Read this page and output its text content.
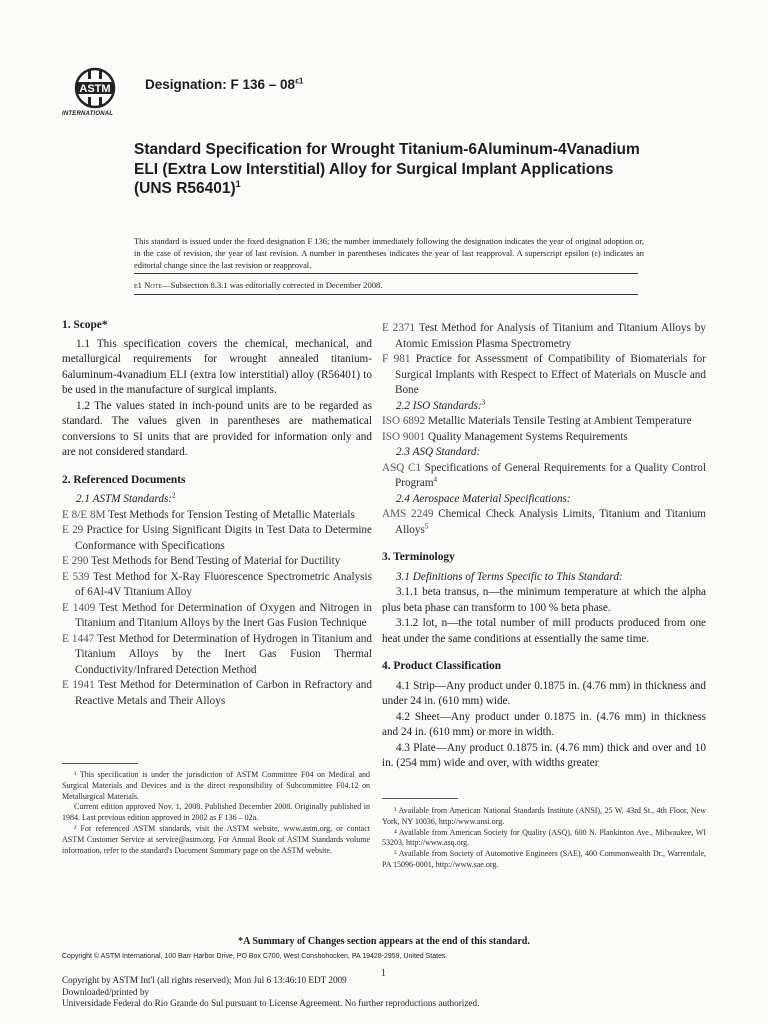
ASTM
INTERNATIONAL
Designation: F $136 - 08^{\varepsilon 1}$
Standard Specification for Wrought Titanium-6Aluminum-4Vanadium ELI (Extra Low Interstitial) Alloy for Surgical Implant Applications (UNS R56401)$^1$
This standard is issued under the fixed designation F 136; the number immediately following the designation indicates the year of original adoption or, in the case of revision, the year of last revision. A number in parentheses indicates the year of last reapproval. A superscript epsilon (ε) indicates an editorial change since the last revision or reapproval.
ε1 Note—Subsection 8.3.1 was editorially corrected in December 2008.
1. Scope*

1.1 This specification covers the chemical, mechanical, and metallurgical requirements for wrought annealed titanium-6aluminum-4vanadium ELI (extra low interstitial) alloy (R56401) to be used in the manufacture of surgical implants.

1.2 The values stated in inch-pound units are to be regarded as standard. The values given in parentheses are mathematical conversions to SI units that are provided for information only and are not considered standard.

2. Referenced Documents

2.1 ASTM Standards:$^2$

E 8/E 8M Test Methods for Tension Testing of Metallic Materials

E 29 Practice for Using Significant Digits in Test Data to Determine Conformance with Specifications

E 290 Test Methods for Bend Testing of Material for Ductility

E 539 Test Method for X-Ray Fluorescence Spectrometric Analysis of 6Al-4V Titanium Alloy

E 1409 Test Method for Determination of Oxygen and Nitrogen in Titanium and Titanium Alloys by the Inert Gas Fusion Technique

E 1447 Test Method for Determination of Hydrogen in Titanium and Titanium Alloys by the Inert Gas Fusion Thermal Conductivity/Infrared Detection Method

E 1941 Test Method for Determination of Carbon in Refractory and Reactive Metals and Their Alloys

E 2371 Test Method for Analysis of Titanium and Titanium Alloys by Atomic Emission Plasma Spectrometry

F 981 Practice for Assessment of Compatibility of Biomaterials for Surgical Implants with Respect to Effect of Materials on Muscle and Bone

2.2 ISO Standards:$^3$

ISO 6892 Metallic Materials Tensile Testing at Ambient Temperature

ISO 9001 Quality Management Systems Requirements

2.3 ASQ Standard:

ASQ C1 Specifications of General Requirements for a Quality Control Program$^4$

2.4 Aerospace Material Specifications:

AMS 2249 Chemical Check Analysis Limits, Titanium and Titanium Alloys$^5$

3. Terminology

3.1 Definitions of Terms Specific to This Standard:

3.1.1 beta transus, n—the minimum temperature at which the alpha plus beta phase can transform to 100 % beta phase.

3.1.2 lot, n—the total number of mill products produced from one heat under the same conditions at essentially the same time.

4. Product Classification

4.1 Strip—Any product under 0.1875 in. (4.76 mm) in thickness and under 24 in. (610 mm) wide.

4.2 Sheet—Any product under 0.1875 in. (4.76 mm) in thickness and 24 in. (610 mm) or more in width.

4.3 Plate—Any product 0.1875 in. (4.76 mm) thick and over and 10 in. (254 mm) wide and over, with widths greater

¹ This specification is under the jurisdiction of ASTM Committee F04 on Medical and Surgical Materials and Devices and is the direct responsibility of Subcommittee F04.12 on Metallurgical Materials.

Current edition approved Nov. 1, 2008. Published December 2008. Originally published in 1984. Last previous edition approved in 2002 as F 136 – 02a.

² For referenced ASTM standards, visit the ASTM website, www.astm.org, or contact ASTM Customer Service at service@astm.org. For Annual Book of ASTM Standards volume information, refer to the standard's Document Summary page on the ASTM website.

³ Available from American National Standards Institute (ANSI), 25 W. 43rd St., 4th Floor, New York, NY 10036, http://www.ansi.org.

⁴ Available from American Society for Quality (ASQ), 600 N. Plankinton Ave., Milwaukee, WI 53203, http://www.asq.org.

⁵ Available from Society of Automotive Engineers (SAE), 400 Commonwealth Dr., Warrendale, PA 15096-0001, http://www.sae.org.

*A Summary of Changes section appears at the end of this standard.
Copyright © ASTM International, 100 Barr Harbor Drive, PO Box C700, West Conshohocken, PA 19428-2959, United States.
1
Copyright by ASTM Int'l (all rights reserved); Mon Jul 6 13:46:10 EDT 2009
Downloaded/printed by
Universidade Federal do Rio Grande do Sul pursuant to License Agreement. No further reproductions authorized.
